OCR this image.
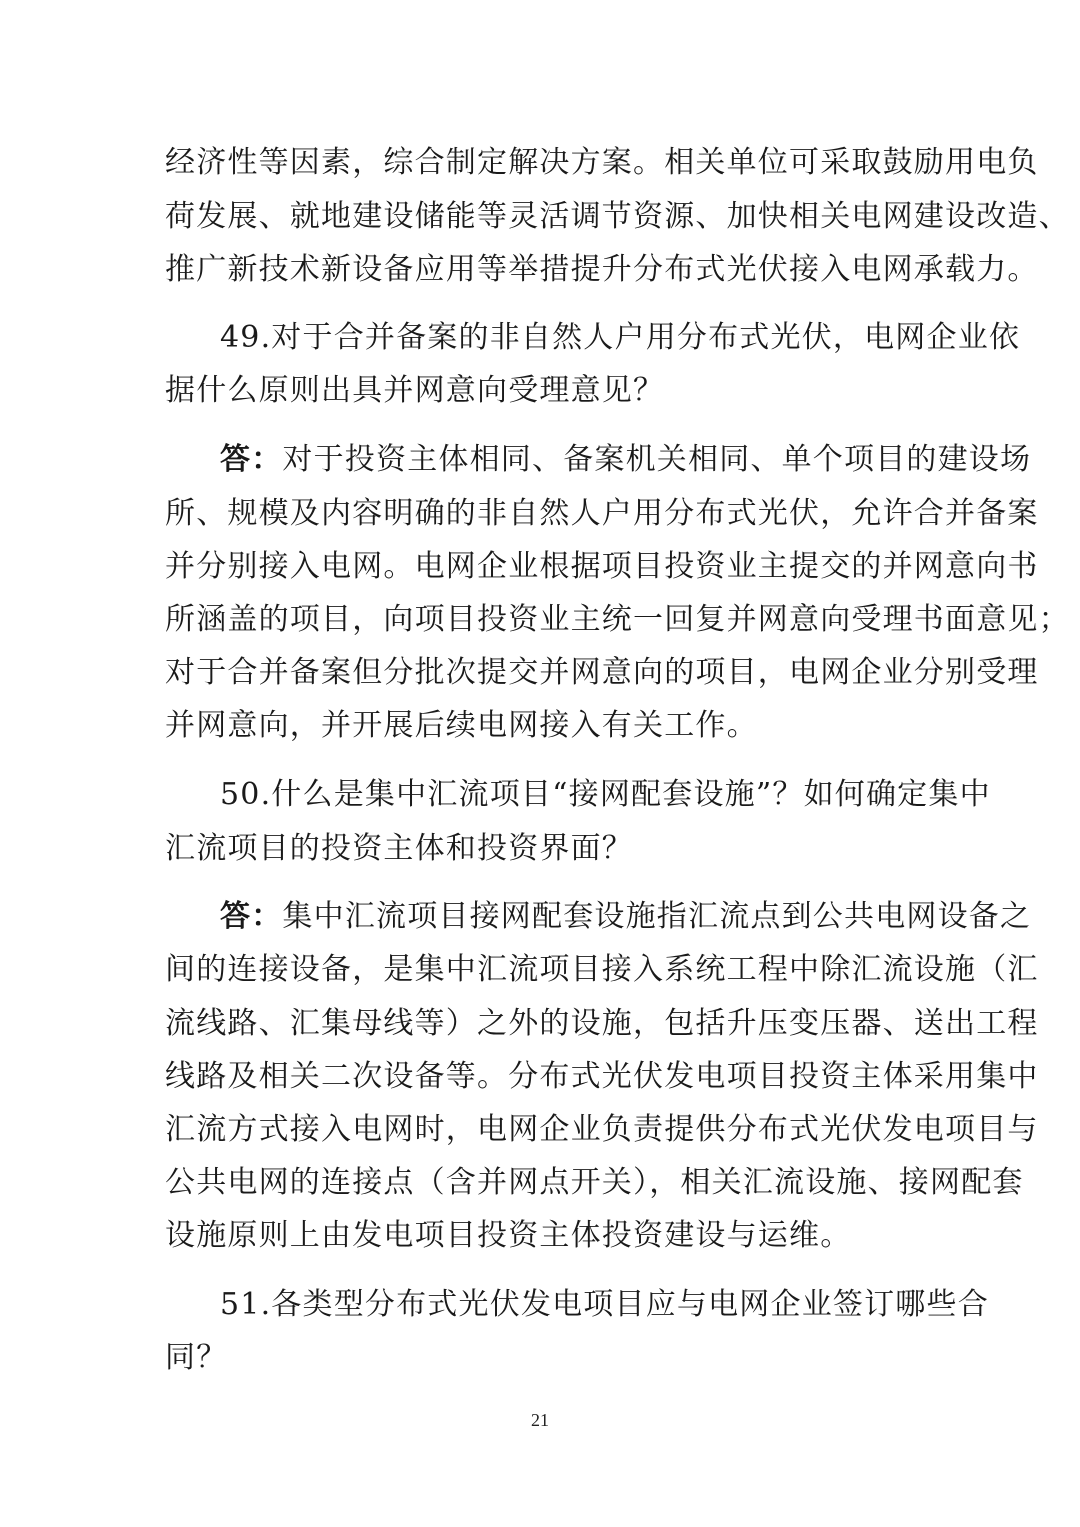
经济性等因素，综合制定解决方案。相关单位可采取鼓励用电负
荷发展、就地建设储能等灵活调节资源、加快相关电网建设改造、
推广新技术新设备应用等举措提升分布式光伏接入电网承载力。
49.对于合并备案的非自然人户用分布式光伏，电网企业依
据什么原则出具并网意向受理意见？
答：对于投资主体相同、备案机关相同、单个项目的建设场
所、规模及内容明确的非自然人户用分布式光伏，允许合并备案
并分别接入电网。电网企业根据项目投资业主提交的并网意向书
所涵盖的项目，向项目投资业主统一回复并网意向受理书面意见；
对于合并备案但分批次提交并网意向的项目，电网企业分别受理
并网意向，并开展后续电网接入有关工作。
50.什么是集中汇流项目“接网配套设施”？如何确定集中
汇流项目的投资主体和投资界面？
答：集中汇流项目接网配套设施指汇流点到公共电网设备之
间的连接设备，是集中汇流项目接入系统工程中除汇流设施（汇
流线路、汇集母线等）之外的设施，包括升压变压器、送出工程
线路及相关二次设备等。分布式光伏发电项目投资主体采用集中
汇流方式接入电网时，电网企业负责提供分布式光伏发电项目与
公共电网的连接点（含并网点开关），相关汇流设施、接网配套
设施原则上由发电项目投资主体投资建设与运维。
51.各类型分布式光伏发电项目应与电网企业签订哪些合
同？
21
